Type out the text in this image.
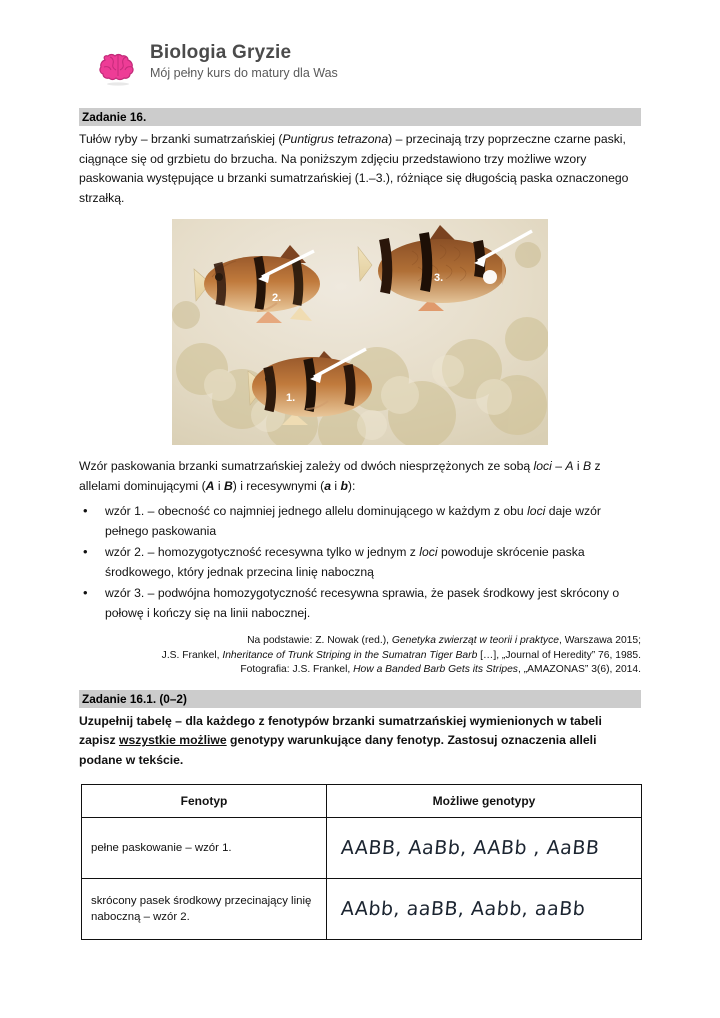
Biologia Gryzie
Mój pełny kurs do matury dla Was
Zadanie 16.
Tułów ryby – brzanki sumatrzańskiej (Puntigrus tetrazona) – przecinają trzy poprzeczne czarne paski, ciągnące się od grzbietu do brzucha. Na poniższym zdjęciu przedstawiono trzy możliwe wzory paskowania występujące u brzanki sumatrzańskiej (1.–3.), różniące się długością paska oznaczonego strzałką.
2.
3.
1.
Wzór paskowania brzanki sumatrzańskiej zależy od dwóch niesprzężonych ze sobą loci – A i B z allelami dominującymi (A i B) i recesywnymi (a i b):
• wzór 1. – obecność co najmniej jednego allelu dominującego w każdym z obu loci daje wzór pełnego paskowania
• wzór 2. – homozygotyczność recesywna tylko w jednym z loci powoduje skrócenie paska środkowego, który jednak przecina linię naboczną
• wzór 3. – podwójna homozygotyczność recesywna sprawia, że pasek środkowy jest skrócony o połowę i kończy się na linii nabocznej.
Na podstawie: Z. Nowak (red.), Genetyka zwierząt w teorii i praktyce, Warszawa 2015;
J.S. Frankel, Inheritance of Trunk Striping in the Sumatran Tiger Barb […], „Journal of Heredity” 76, 1985.
Fotografia: J.S. Frankel, How a Banded Barb Gets its Stripes, „AMAZONAS” 3(6), 2014.
Zadanie 16.1. (0–2)
Uzupełnij tabelę – dla każdego z fenotypów brzanki sumatrzańskiej wymienionych w tabeli zapisz wszystkie możliwe genotypy warunkujące dany fenotyp. Zastosuj oznaczenia alleli podane w tekście.
Fenotyp	Możliwe genotypy
pełne paskowanie – wzór 1.	AABB, AaBb, AABb , AaBB
skrócony pasek środkowy przecinający linię naboczną – wzór 2.	AAbb, aaBB, Aabb, aaBb
